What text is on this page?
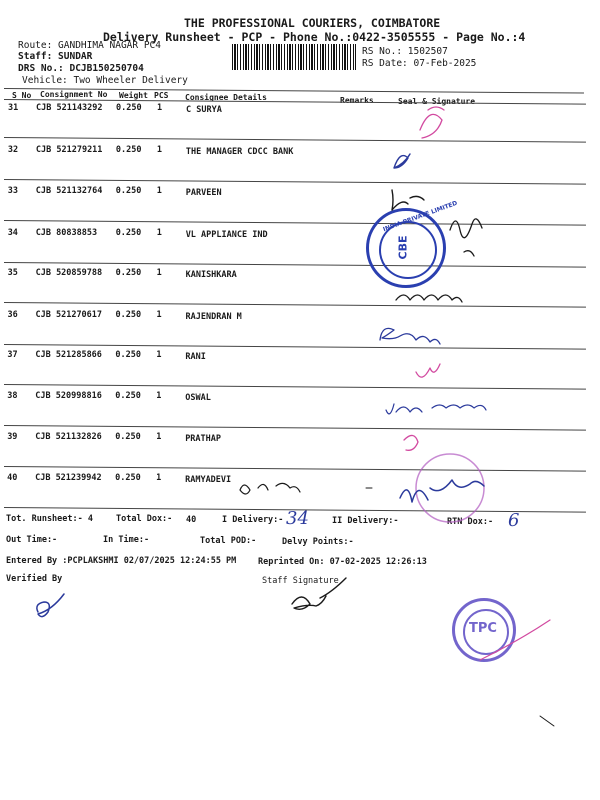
THE PROFESSIONAL COURIERS, COIMBATORE
Delivery Runsheet - PCP - Phone No.:0422-3505555 - Page No.:4
Route: GANDHIMA NAGAR PC4
Staff: SUNDAR
DRS No.: DCJB150250704
Vehicle: Two Wheeler Delivery
RS No.: 1502507
RS Date: 07-Feb-2025
S No Consignment No Weight PCS Consignee Details	Remarks	Seal & Signature
31 CJB 521143292 0.250 1	C SURYA
32 CJB 521279211 0.250 1	THE MANAGER CDCC BANK
33 CJB 521132764 0.250 1	PARVEEN
34 CJB 80838853 0.250 1	VL APPLIANCE IND
35 CJB 520859788 0.250 1	KANISHKARA
36 CJB 521270617 0.250 1	RAJENDRAN M
37 CJB 521285866 0.250 1	RANI
38 CJB 520998816 0.250 1	OSWAL
39 CJB 521132826 0.250 1	PRATHAP
40 CJB 521239942 0.250 1	RAMYADEVI
Tot. Runsheet:- 4	Total Dox:- 40	I Delivery:-	II Delivery:-	RTN Dox:-
Out Time:-	In Time:-	Total POD:-	Delvy Points:-
Entered By :PCPLAKSHMI 02/07/2025 12:24:55 PM	Reprinted On: 07-02-2025 12:26:13
Verified By	Staff Signature
34	6
CBE
INDIA PRIVATE LIMITED
TPC
